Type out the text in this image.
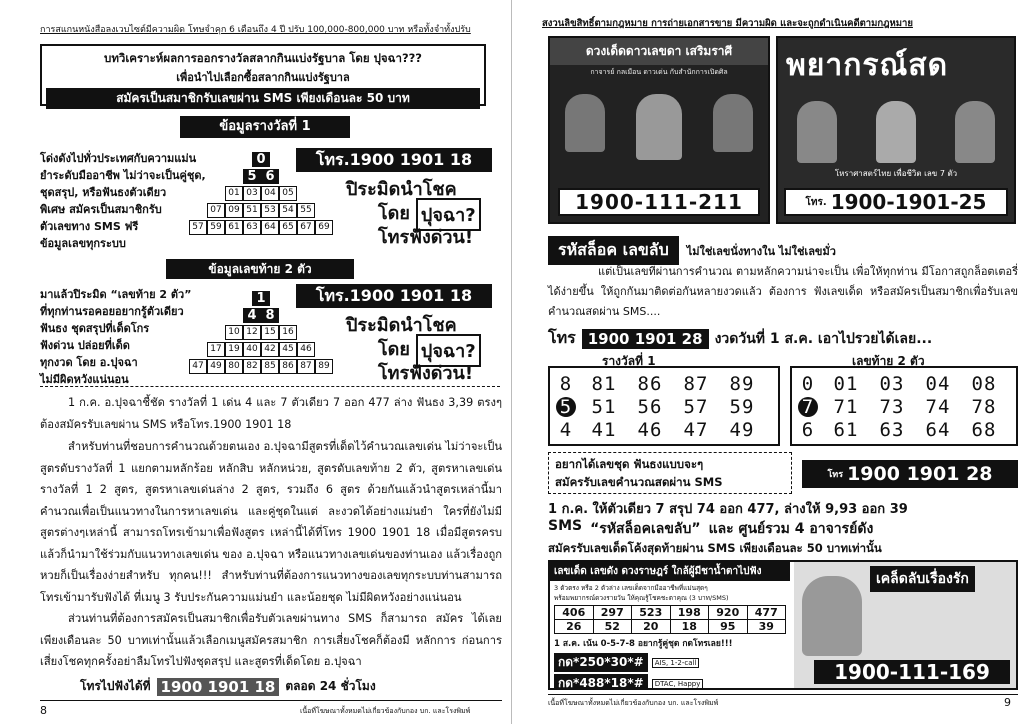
การสแกนหนังสือลงเวบไซต์มีความผิด โทษจำคุก 6 เดือนถึง 4 ปี ปรับ 100,000-800,000 บาท หรือทั้งจำทั้งปรับ
บทวิเคราะห์ผลการออกรางวัลสลากกินแบ่งรัฐบาล โดย ปุจฉา???
เพื่อนำไปเลือกซื้อสลากกินแบ่งรัฐบาล
สมัครเป็นสมาชิกรับเลขผ่าน SMS เพียงเดือนละ 50 บาท
ข้อมูลรางวัลที่ 1
โด่งดังไปทั่วประเทศกับความแม่น
ยำระดับมืออาชีพ ไม่ว่าจะเป็นคู่ชุด,
ชุดสรุป, หรือฟันธงตัวเดียว
พิเศษ สมัครเป็นสมาชิกรับ
ตัวเลขทาง SMS ฟรี
ข้อมูลเลขทุกระบบ
0
5 6
01 03 04 05
07 09 51 53 54 55
57 59 61 63 64 65 67 69
โทร.1900 1901 18
ปิระมิดนำโชค
โดย ปุจฉา?
โทรฟังด่วน!
ข้อมูลเลขท้าย 2 ตัว
มาแล้วปิระมิด “เลขท้าย 2 ตัว”
ที่ทุกท่านรอคอยอยากรู้ตัวเดียว
ฟันธง ชุดสรุปที่เด็ดโกร
ฟังด่วน ปล่อยที่เด็ด
ทุกงวด โดย อ.ปุจฉา
ไม่มีผิดหวังแน่นอน
1
4 8
10 12 15 16
17 19 40 42 45 46
47 49 80 82 85 86 87 89
โทร.1900 1901 18
ปิระมิดนำโชค
โดย ปุจฉา?
โทรฟังด่วน!
1 ก.ค. อ.ปุจฉาชี้ชัด รางวัลที่ 1 เด่น 4 และ 7 ตัวเดียว 7 ออก 477 ล่าง ฟันธง 3,39 ตรงๆ ต้องสมัครรับเลขผ่าน SMS หรือโทร.1900 1901 18
สำหรับท่านที่ชอบการคำนวณด้วยตนเอง อ.ปุจฉามีสูตรที่เด็ดไว้คำนวณเลขเด่น ไม่ว่าจะเป็นสูตรดับรางวัลที่ 1 แยกตามหลักร้อย หลักสิบ หลักหน่วย, สูตรดับเลขท้าย 2 ตัว, สูตรหาเลขเด่นรางวัลที่ 1 2 สูตร, สูตรหาเลขเด่นล่าง 2 สูตร, รวมถึง 6 สูตร ด้วยกันแล้วนำสูตรเหล่านี้มาคำนวณเพื่อเป็นแนวทางในการหาเลขเด่น และคู่ชุดในแต่ ละงวดได้อย่างแม่นยำ ใครที่ยังไม่มีสูตรต่างๆเหล่านี้ สามารถโทรเข้ามาเพื่อฟังสูตร เหล่านี้ได้ที่โทร 1900 1901 18 เมื่อมีสูตรครบแล้วก็นำมาใช้ร่วมกับแนวทางเลขเด่น ของ อ.ปุจฉา หรือแนวทางเลขเด่นของท่านเอง แล้วเรื่องถูกหวยก็เป็นเรื่องง่ายสำหรับ ทุกคน!!! สำหรับท่านที่ต้องการแนวทางของเลขทุกระบบท่านสามารถโทรเข้ามารับฟังได้ ที่เมนู 3 รับประกันความแม่นยำ และน้อยชุด ไม่มีผิดหวังอย่างแน่นอน
ส่วนท่านที่ต้องการสมัครเป็นสมาชิกเพื่อรับตัวเลขผ่านทาง SMS ก็สามารถ สมัคร ได้เลย เพียงเดือนละ 50 บาทเท่านั้นแล้วเลือกเมนูสมัครสมาชิก การเสี่ยงโชคก็ต้องมี หลักการ ก่อนการเสี่ยงโชคทุกครั้งอย่าลืมโทรไปฟังชุดสรุป และสูตรที่เด็ดโดย อ.ปุจฉา
โทรไปฟังได้ที่ 1900 1901 18 ตลอด 24 ชั่วโมง
8	เนื้อที่โฆษณาทั้งหมดไม่เกี่ยวข้องกับกอง บก. และโรงพิมพ์
สงวนลิขสิทธิ์ตามกฎหมาย การถ่ายเอกสารขาย มีความผิด และจะถูกดำเนินคดีตามกฎหมาย
ดวงเด็ดดาวเลขดา เสริมราศี
กาจารย์ กลเมือน ดาวเด่น กับสำนักการเปิดศิล
1900-111-211
พยากรณ์สด
โหราศาสตร์ไทย เพื่อชีวิต เลข 7 ตัว
โทร. 1900-1901-25
รหัสล็อค เลขลับ	ไม่ใช่เลขนั่งทางใน ไม่ใช่เลขมั่ว
แต่เป็นเลขที่ผ่านการคำนวณ ตามหลักความน่าจะเป็น เพื่อให้ทุกท่าน มีโอกาสถูกล็อตเตอรี่ได้ง่ายขึ้น ให้ถูกกันมาติดต่อกันหลายงวดแล้ว ต้องการ ฟังเลขเด็ด หรือสมัครเป็นสมาชิกเพื่อรับเลขคำนวณสดผ่าน SMS....
โทร 1900 1901 28 งวดวันที่ 1 ส.ค. เอาไปรวยได้เลย...
รางวัลที่ 1	เลขท้าย 2 ตัว
8 81 86 87 89
5 51 56 57 59
4 41 46 47 49
0 01 03 04 08
7 71 73 74 78
6 61 63 64 68
อยากได้เลขชุด ฟันธงแบบจะๆ
สมัครรับเลขคำนวณสดผ่าน SMS	โทร 1900 1901 28
1 ก.ค. ให้ตัวเดียว 7 สรุป 74 ออก 477, ล่างให้ 9,93 ออก 39
SMS “รหัสล็อคเลขลับ” และ ศูนย์รวม 4 อาจารย์ดัง
สมัครรับเลขเด็ดโค้งสุดท้ายผ่าน SMS เพียงเดือนละ 50 บาทเท่านั้น
เลขเด็ด เลขดัง ดวงราษฎร์ ใกล้ผู้มีชาน้ำตาไปฟัง
3 ตัวตรง หรือ 2 ตัวล่าง เลขเด็ดจากมืออาชีพที่แม่นสุดๆ
พร้อมพยากรณ์ดวงรายวัน ให้คุณรู้โชคชะตาคุณ (3 บาท/SMS)
406	297	523	198	920	477
26	52	20	18	95	39
1 ส.ค. เน้น 0-5-7-8 อยากรู้คู่ชุด กดโทรเลย!!!
กด*250*30*#	AIS, 1-2-call
กด*488*18*#	DTAC, Happy
เคล็ดลับเรื่องรัก
1900-111-169
เนื้อที่โฆษณาทั้งหมดไม่เกี่ยวข้องกับกอง บก. และโรงพิมพ์	9
